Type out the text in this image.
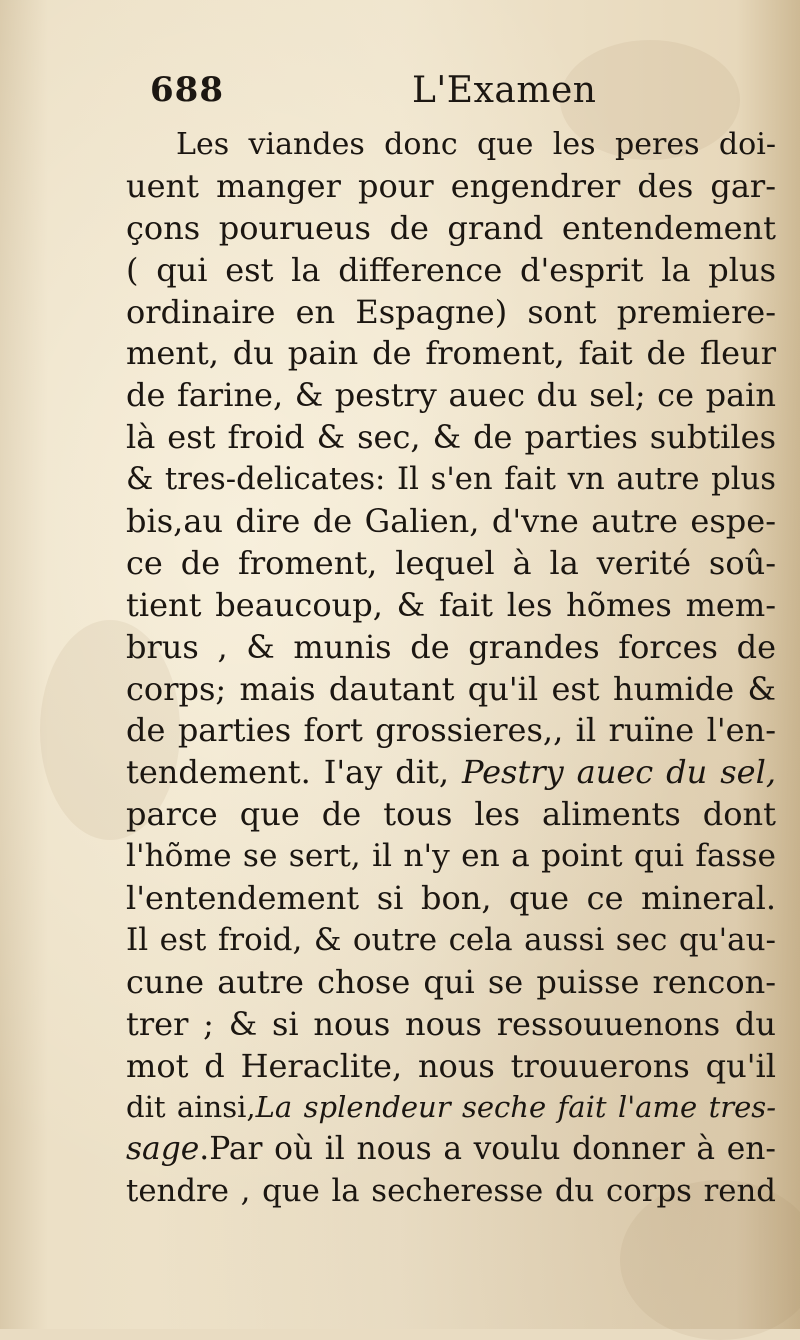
688	L'Examen
Les viandes donc que les peres doi-
uent manger pour engendrer des gar-
çons pourueus de grand entendement
( qui est la difference d'esprit la plus
ordinaire en Espagne) sont premiere-
ment, du pain de froment, fait de fleur
de farine, & pestry auec du sel; ce pain
là est froid & sec, & de parties subtiles
& tres-delicates: Il s'en fait vn autre plus
bis,au dire de Galien, d'vne autre espe-
ce de froment, lequel à la verité soû-
tient beaucoup, & fait les hõmes mem-
brus , & munis de grandes forces de
corps; mais dautant qu'il est humide &
de parties fort grossieres,, il ruïne l'en-
tendement. I'ay dit, Pestry auec du sel,
parce que de tous les aliments dont
l'hõme se sert, il n'y en a point qui fasse
l'entendement si bon, que ce mineral.
Il est froid, & outre cela aussi sec qu'au-
cune autre chose qui se puisse rencon-
trer ; & si nous nous ressouuenons du
mot d Heraclite, nous trouuerons qu'il
dit ainsi,La splendeur seche fait l'ame tres-
sage.Par où il nous a voulu donner à en-
tendre , que la secheresse du corps rend
